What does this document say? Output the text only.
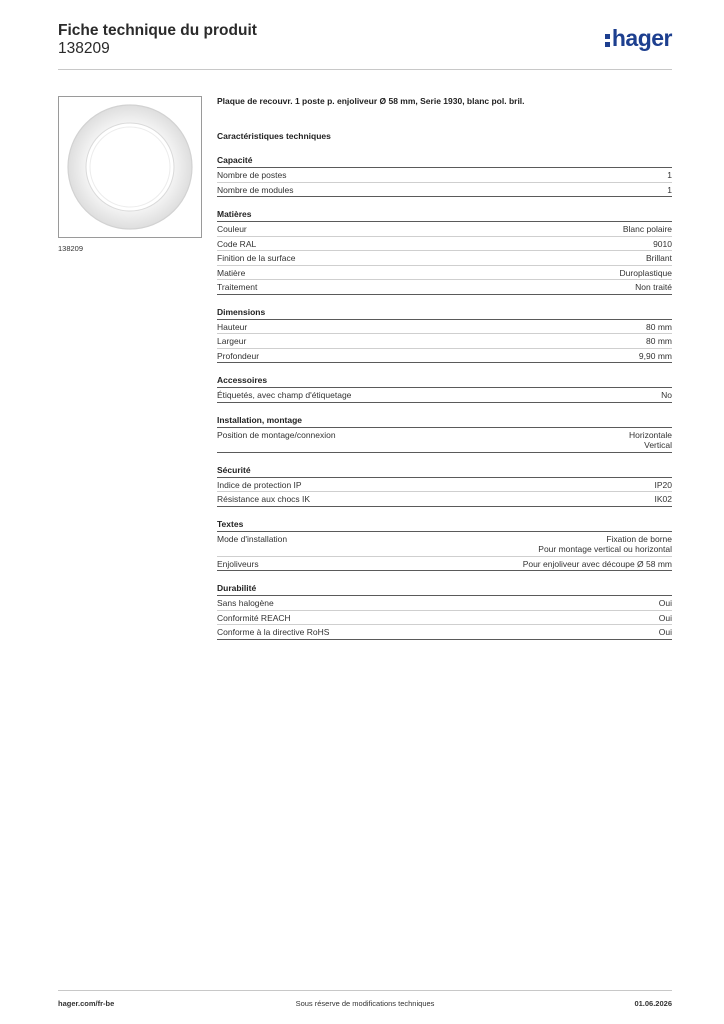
Fiche technique du produit
138209	hager
138209
Plaque de recouvr. 1 poste p. enjoliveur Ø 58 mm, Serie 1930, blanc pol. bril.
Caractéristiques techniques
Capacité
Nombre de postes	1
Nombre de modules	1
Matières
Couleur	Blanc polaire
Code RAL	9010
Finition de la surface	Brillant
Matière	Duroplastique
Traitement	Non traité
Dimensions
Hauteur	80 mm
Largeur	80 mm
Profondeur	9,90 mm
Accessoires
Étiquetés, avec champ d'étiquetage	No
Installation, montage
Position de montage/connexion	Horizontale
Vertical
Sécurité
Indice de protection IP	IP20
Résistance aux chocs IK	IK02
Textes
Mode d'installation	Fixation de borne
Pour montage vertical ou horizontal
Enjoliveurs	Pour enjoliveur avec découpe Ø 58 mm
Durabilité
Sans halogène	Oui
Conformité REACH	Oui
Conforme à la directive RoHS	Oui
hager.com/fr-be	Sous réserve de modifications techniques	01.06.2026
